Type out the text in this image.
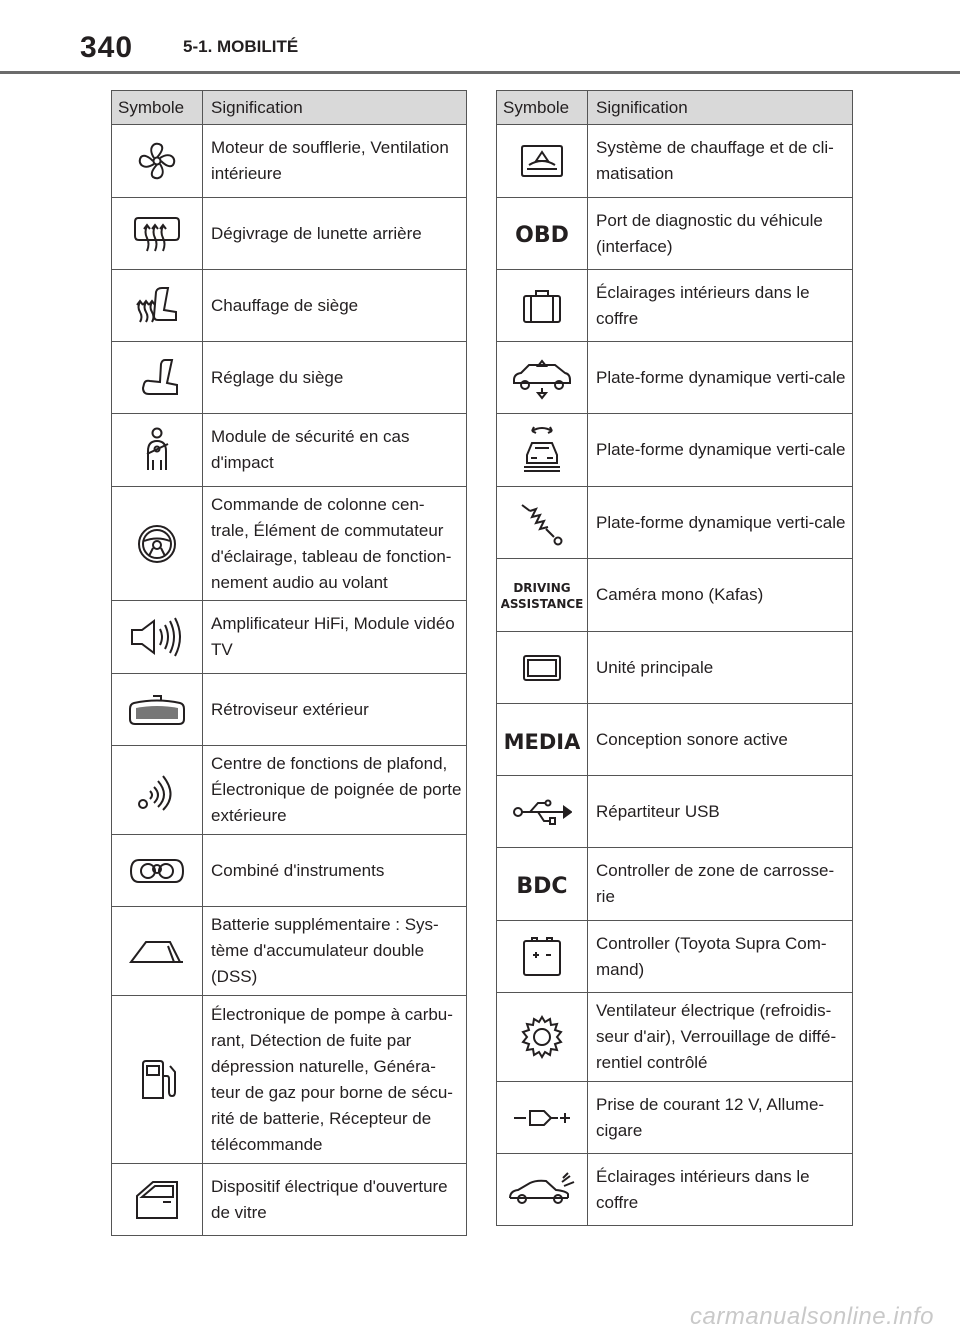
340	5-1. MOBILITÉ
Symbole	Signification

	Moteur de soufflerie, Ventilation intérieure

	Dégivrage de lunette arrière

	Chauffage de siège

	Réglage du siège

	Module de sécurité en cas d'impact

	Commande de colonne cen-trale, Élément de commutateur d'éclairage, tableau de fonction-nement audio au volant

	Amplificateur HiFi, Module vidéo TV

	Rétroviseur extérieur

	Centre de fonctions de plafond, Électronique de poignée de porte extérieure

	Combiné d'instruments

	Batterie supplémentaire : Sys-tème d'accumulateur double (DSS)

	Électronique de pompe à carbu-rant, Détection de fuite par dépression naturelle, Généra-teur de gaz pour borne de sécu-rité de batterie, Récepteur de télécommande

	Dispositif électrique d'ouverture de vitre
Symbole	Signification

	Système de chauffage et de cli-matisation

OBD	Port de diagnostic du véhicule (interface)

	Éclairages intérieurs dans le coffre

	Plate-forme dynamique verti-cale

	Plate-forme dynamique verti-cale

	Plate-forme dynamique verti-cale

DRIVING
ASSISTANCE	Caméra mono (Kafas)

	Unité principale

MEDIA	Conception sonore active

	Répartiteur USB

BDC	Controller de zone de carrosse-rie

	Controller (Toyota Supra Com-mand)

	Ventilateur électrique (refroidis-seur d'air), Verrouillage de diffé-rentiel contrôlé

	Prise de courant 12 V, Allume-cigare

	Éclairages intérieurs dans le coffre
carmanualsonline.info
